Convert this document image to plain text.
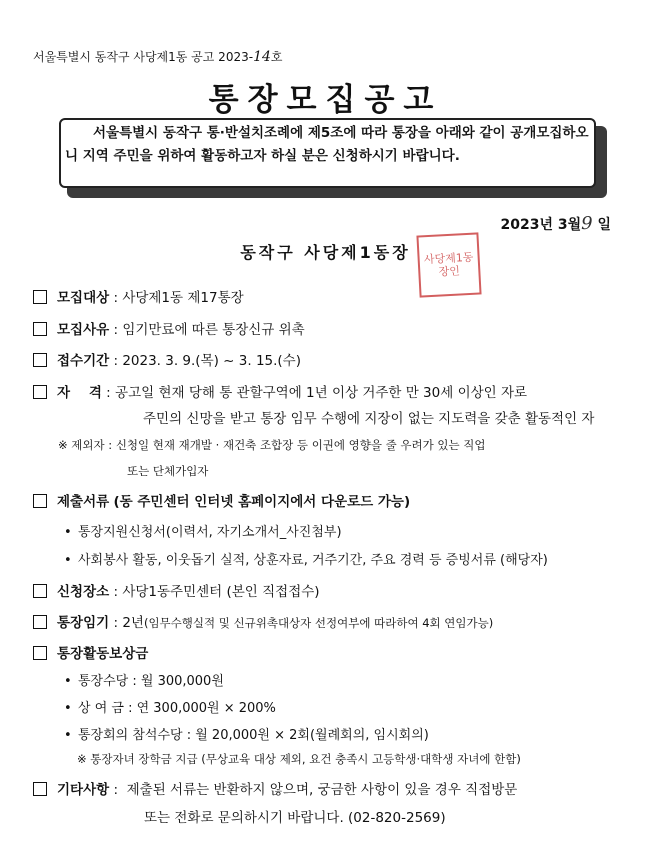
서울특별시 동작구 사당제1동 공고 2023-14호
통장모집공고

서울특별시 동작구 통·반설치조례에 제5조에 따라 통장을 아래와 같이 공개모집하오니 지역 주민을 위하여 활동하고자 하실 분은 신청하시기 바랍니다.

2023년 3월9 일
동작구 사당제1동장	사당제1동장인
모집대상 : 사당제1동 제17통장
모집사유 : 임기만료에 따른 통장신규 위촉
접수기간 : 2023. 3. 9.(목) ~ 3. 15.(수)
자    격 : 공고일 현재 당해 통 관할구역에 1년 이상 거주한 만 30세 이상인 자로
주민의 신망을 받고 통장 임무 수행에 지장이 없는 지도력을 갖춘 활동적인 자
※ 제외자 : 신청일 현재 재개발 · 재건축 조합장 등 이권에 영향을 줄 우려가 있는 직업
또는 단체가입자
제출서류 (동 주민센터 인터넷 홈페이지에서 다운로드 가능)
• 통장지원신청서(이력서, 자기소개서_사진첨부)
• 사회봉사 활동, 이웃돕기 실적, 상훈자료, 거주기간, 주요 경력 등 증빙서류 (해당자)
신청장소 : 사당1동주민센터 (본인 직접접수)
통장임기 : 2년(임무수행실적 및 신규위촉대상자 선정여부에 따라하여 4회 연임가능)
통장활동보상금
• 통장수당 : 월 300,000원
• 상 여 금 : 연 300,000원 × 200%
• 통장회의 참석수당 : 월 20,000원 × 2회(월례회의, 임시회의)
※ 통장자녀 장학금 지급 (무상교육 대상 제외, 요건 충족시 고등학생·대학생 자녀에 한함)
기타사항 :  제출된 서류는 반환하지 않으며, 궁금한 사항이 있을 경우 직접방문
또는 전화로 문의하시기 바랍니다. (02-820-2569)
